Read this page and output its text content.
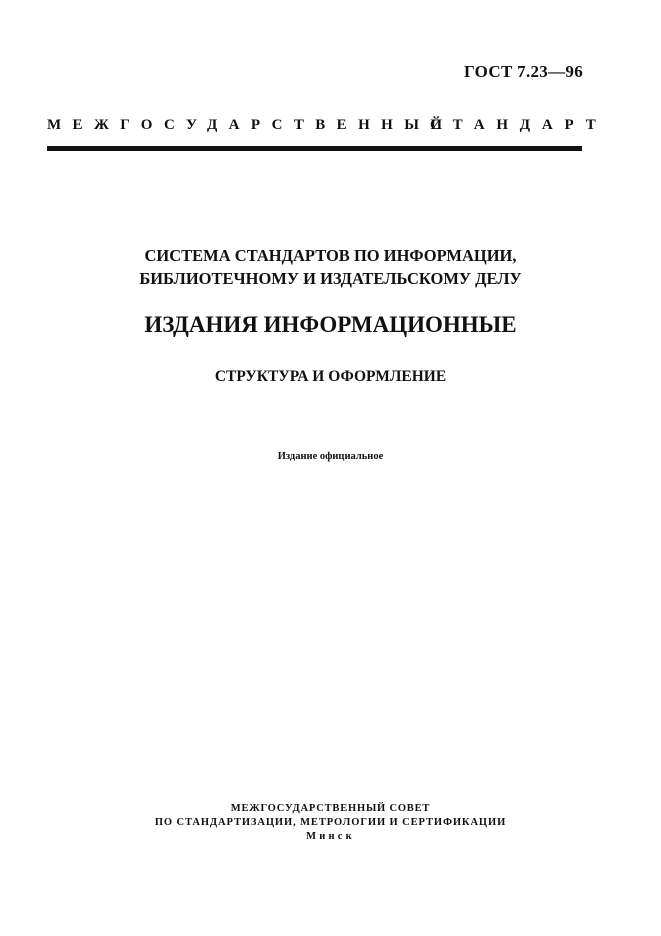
ГОСТ 7.23—96
МЕЖГОСУДАРСТВЕННЫЙ
СТАНДАРТ
СИСТЕМА СТАНДАРТОВ ПО ИНФОРМАЦИИ,
БИБЛИОТЕЧНОМУ И ИЗДАТЕЛЬСКОМУ ДЕЛУ
ИЗДАНИЯ ИНФОРМАЦИОННЫЕ
СТРУКТУРА И ОФОРМЛЕНИЕ
Издание официальное
МЕЖГОСУДАРСТВЕННЫЙ СОВЕТ
ПО СТАНДАРТИЗАЦИИ, МЕТРОЛОГИИ И СЕРТИФИКАЦИИ
Минск
